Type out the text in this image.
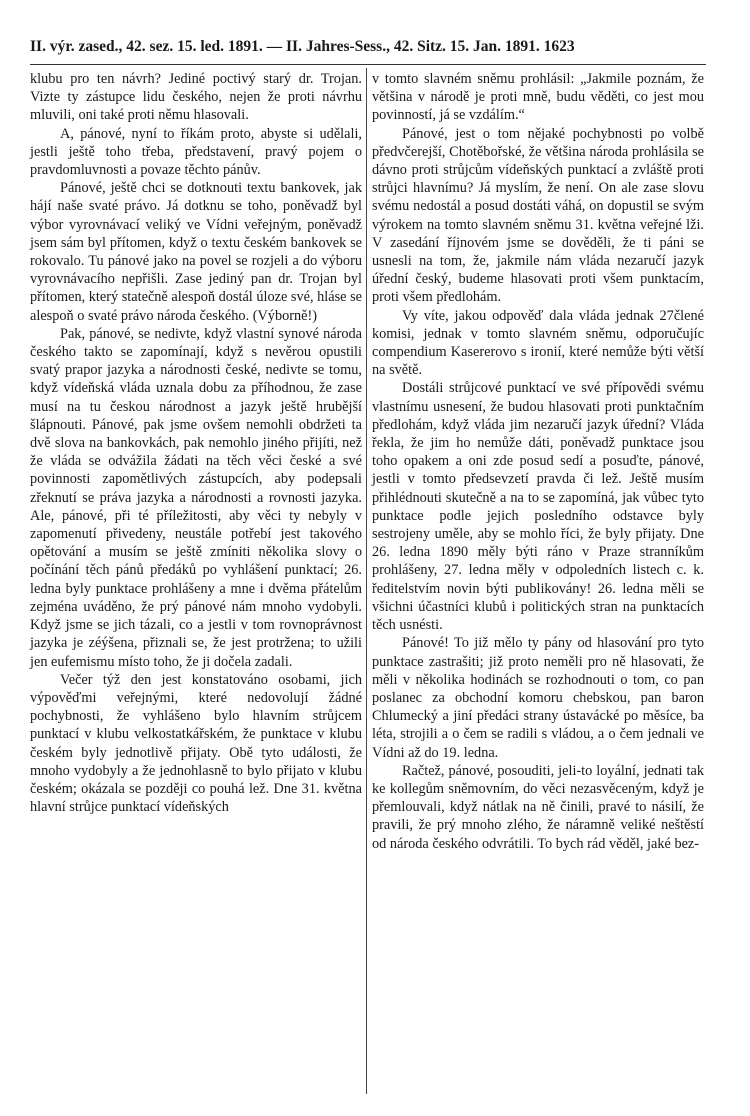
II. výr. zased., 42. sez. 15. led. 1891. — II. Jahres-Sess., 42. Sitz. 15. Jan. 1891. 1623

klubu pro ten návrh? Jediné poctivý starý dr. Trojan. Vizte ty zástupce lidu českého, nejen že proti návrhu mluvili, oni také proti němu hlasovali.

A, pánové, nyní to říkám proto, abyste si udělali, jestli ještě toho třeba, představení, pravý pojem o pravdomluvnosti a povaze těchto pánův.

Pánové, ještě chci se dotknouti textu bankovek, jak hájí naše svaté právo. Já dotknu se toho, poněvadž byl výbor vyrovnávací veliký ve Vídni veřejným, poněvadž jsem sám byl přítomen, když o textu českém bankovek se rokovalo. Tu pánové jako na povel se rozjeli a do výboru vyrovnávacího nepřišli. Zase jediný pan dr. Trojan byl přítomen, který statečně alespoň dostál úloze své, hlásе se alespoň o svaté právo národa českého. (Výborně!)

Pak, pánové, se nedivte, když vlastní synové národa českého takto se zapomínají, když s nevěrou opustili svatý prapor jazyka a národnosti české, nedivte se tomu, když vídeňská vláda uznala dobu za příhodnou, že zase musí na tu českou národnost a jazyk ještě hrubější šlápnouti. Pánové, pak jsme ovšem nemohli obdržeti ta dvě slova na bankovkách, pak nemohlo jiného přijíti, než že vláda se odvážila žádati na těch věci české a své povinnosti zapomětlivých zástupcích, aby podepsali zřeknutí se práva jazyka a národnosti a rovnosti jazyka. Ale, pánové, při té příležitosti, aby věci ty nebyly v zapomenutí přivedeny, neustále potřebí jest takového opětování a musím se ještě zmíniti několika slovy o počínání těch pánů předáků po vyhlášení punktací; 26. ledna byly punktace prohlášeny a mne i dvěma přátelům zejména uváděno, že prý pánové nám mnoho vydobyli. Když jsme se jich tázali, co a jestli v tom rovnoprávnost jazyka je zéýšena, přiznali se, že jest protržena; to užili jen eufemismu místo toho, že ji dočela zadali.

Večer týž den jest konstatováno osobami, jich výpověďmi veřejnými, které nedovolují žádné pochybnosti, že vyhlášeno bylo hlavním strůjcem punktací v klubu velkostatkářském, že punktace v klubu českém byly jednotlivě přijaty. Obě tyto události, že mnoho vydobyly a že jednohlasně to bylo přijato v klubu českém; okázala se později co pouhá lež. Dne 31. května hlavní strůjce punktací vídeňských

v tomto slavném sněmu prohlásil: „Jakmile poznám, že většina v národě je proti mně, budu věděti, co jest mou povinností, já se vzdálím.“

Pánové, jest o tom nějaké pochybnosti po volbě předvčerejší, Chotěbořské, že většina národa prohlásila se dávno proti strůjcům vídeňských punktací a zvláště proti strůjci hlavnímu? Já myslím, že není. On ale zase slovu svému nedostál a posud dostáti váhá, on dopustil se svým výrokem na tomto slavném sněmu 31. května veřejné lži. V zasedání říjnovém jsme se dověděli, že ti páni se usnesli na tom, že, jakmile nám vláda nezaručí jazyk úřední český, budeme hlasovati proti všem punktacím, proti všem předlohám.

Vy víte, jakou odpověď dala vláda jednak 27člené komisi, jednak v tomto slavném sněmu, odporučujíc compendium Kasererovo s ironií, které nemůže býti větší na světě.

Dostáli strůjcové punktací ve své přípovědi svému vlastnímu usnesení, že budou hlasovati proti punktačním předlohám, když vláda jim nezaručí jazyk úřední? Vláda řekla, že jim ho nemůže dáti, poněvadž punktace jsou toho opakem a oni zde posud sedí a posuďte, pánové, jestli v tomto předsevzetí pravda či lež. Ještě musím přihlédnouti skutečně a na to se zapomíná, jak vůbec tyto punktace podle jejich posledního odstavce byly sestrojeny uměle, aby se mohlo říci, že byly přijaty. Dne 26. ledna 1890 měly býti ráno v Praze stranníkům prohlášeny, 27. ledna měly v odpoledních listech c. k. ředitelstvím novin býti publikovány! 26. ledna měli se všichni účastníci klubů i politických stran na punktacích těch usnésti.

Pánové! To již mělo ty pány od hlasování pro tyto punktace zastrašiti; již proto neměli pro ně hlasovati, že měli v několika hodinách se rozhodnouti o tom, co pan poslanec za obchodní komoru chebskou, pan baron Chlumecký a jiní předáci strany ústavácké po měsíce, ba léta, strojili a o čem se radili s vládou, a o čem jednali ve Vídni až do 19. ledna.

Račtež, pánové, posouditi, jeli-to loyální, jednati tak ke kollegům sněmovním, do věci nezasvěceným, když je přemlouvali, když nátlak na ně činili, pravé to násilí, že pravili, že prý mnoho zlého, že náramně veliké neštěstí od národa českého odvrátili. To bych rád věděl, jaké bez-
